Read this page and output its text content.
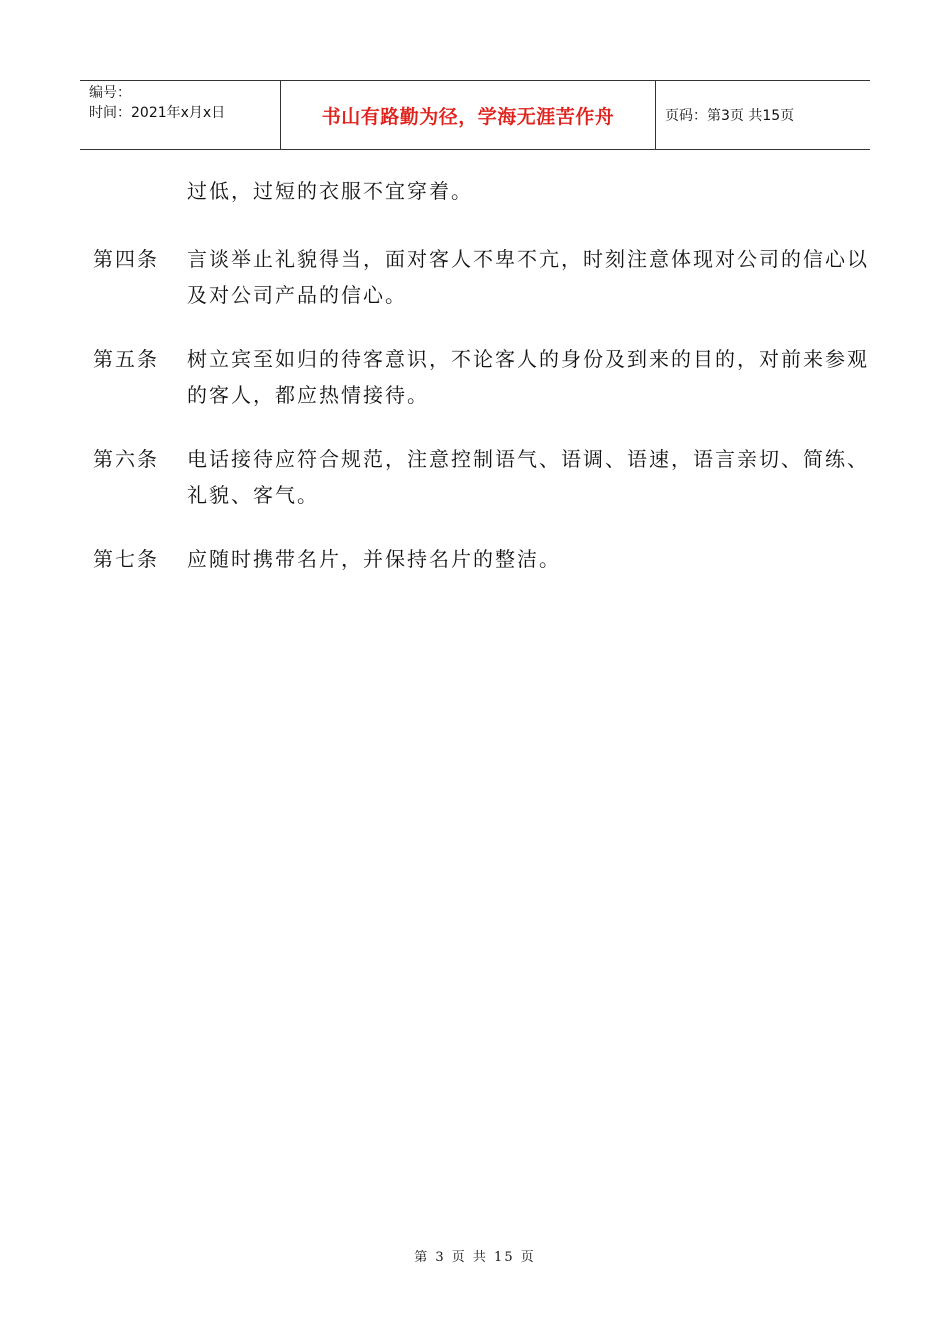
编号：
时间：2021年x月x日	书山有路勤为径，学海无涯苦作舟	页码：第3页 共15页
过低，过短的衣服不宜穿着。
第四条 言谈举止礼貌得当，面对客人不卑不亢，时刻注意体现对公司的信心以及对公司产品的信心。
第五条 树立宾至如归的待客意识，不论客人的身份及到来的目的，对前来参观的客人，都应热情接待。
第六条 电话接待应符合规范，注意控制语气、语调、语速，语言亲切、简练、礼貌、客气。
第七条 应随时携带名片，并保持名片的整洁。
第 3 页 共 15 页
